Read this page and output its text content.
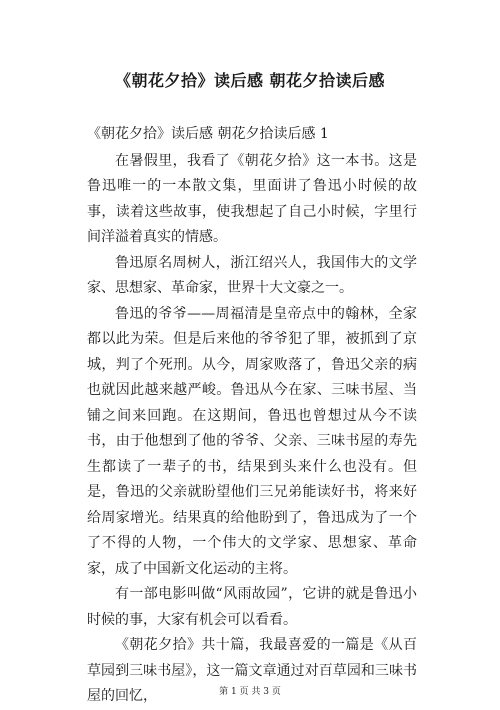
《朝花夕拾》读后感 朝花夕拾读后感

《朝花夕拾》读后感 朝花夕拾读后感 1

在暑假里，我看了《朝花夕拾》这一本书。这是鲁迅唯一的一本散文集，里面讲了鲁迅小时候的故事，读着这些故事，使我想起了自己小时候，字里行间洋溢着真实的情感。

鲁迅原名周树人，浙江绍兴人，我国伟大的文学家、思想家、革命家，世界十大文豪之一。

鲁迅的爷爷——周福清是皇帝点中的翰林，全家都以此为荣。但是后来他的爷爷犯了罪，被抓到了京城，判了个死刑。从今，周家败落了，鲁迅父亲的病也就因此越来越严峻。鲁迅从今在家、三味书屋、当铺之间来回跑。在这期间，鲁迅也曾想过从今不读书，由于他想到了他的爷爷、父亲、三味书屋的寿先生都读了一辈子的书，结果到头来什么也没有。但是，鲁迅的父亲就盼望他们三兄弟能读好书，将来好给周家增光。结果真的给他盼到了，鲁迅成为了一个了不得的人物，一个伟大的文学家、思想家、革命家，成了中国新文化运动的主将。

有一部电影叫做“风雨故园”，它讲的就是鲁迅小时候的事，大家有机会可以看看。

《朝花夕拾》共十篇，我最喜爱的一篇是《从百草园到三味书屋》，这一篇文章通过对百草园和三味书屋的回忆，	第 1 页 共 3 页
